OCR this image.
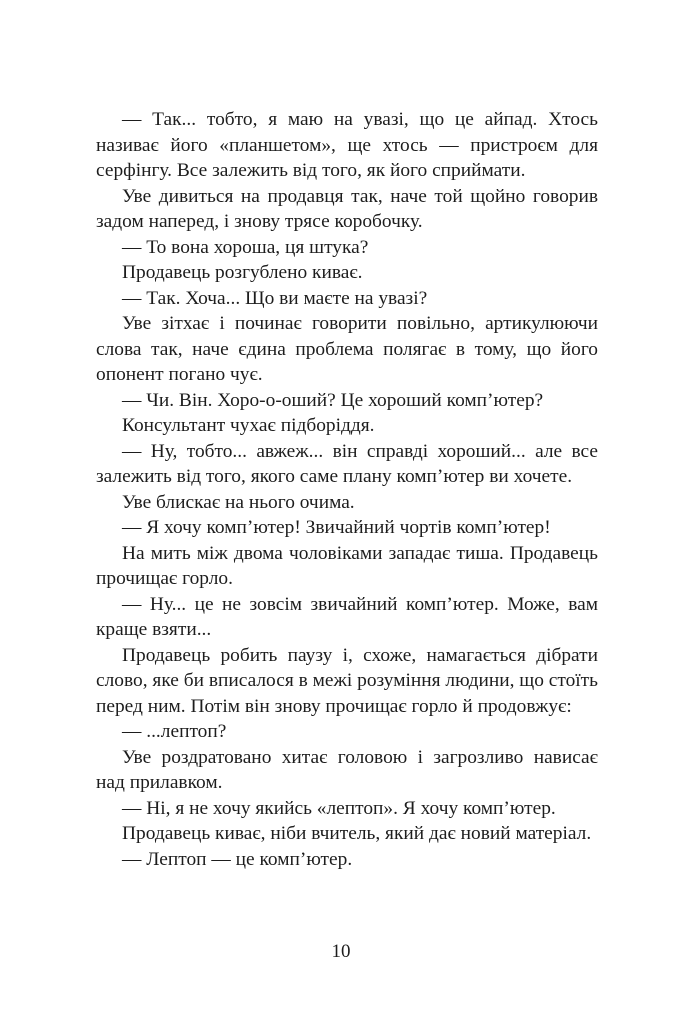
— Так... тобто, я маю на увазі, що це айпад. Хтось називає його «планшетом», ще хтось — пристроєм для серфінгу. Все залежить від того, як його сприймати.

Уве дивиться на продавця так, наче той щойно говорив задом наперед, і знову трясе коробочку.

— То вона хороша, ця штука?

Продавець розгублено киває.

— Так. Хоча... Що ви маєте на увазі?

Уве зітхає і починає говорити повільно, артикулюючи слова так, наче єдина проблема полягає в тому, що його опонент погано чує.

— Чи. Він. Хоро-о-оший? Це хороший комп’ютер?

Консультант чухає підборіддя.

— Ну, тобто... авжеж... він справді хороший... але все залежить від того, якого саме плану комп’ютер ви хочете.

Уве блискає на нього очима.

— Я хочу комп’ютер! Звичайний чортів комп’ютер!

На мить між двома чоловіками западає тиша. Продавець прочищає горло.

— Ну... це не зовсім звичайний комп’ютер. Може, вам краще взяти...

Продавець робить паузу і, схоже, намагається дібрати слово, яке би вписалося в межі розуміння людини, що стоїть перед ним. Потім він знову прочищає горло й продовжує:

— ...лептоп?

Уве роздратовано хитає головою і загрозливо нависає над прилавком.

— Ні, я не хочу якийсь «лептоп». Я хочу комп’ютер.

Продавець киває, ніби вчитель, який дає новий матеріал.

— Лептоп — це комп’ютер.

10
